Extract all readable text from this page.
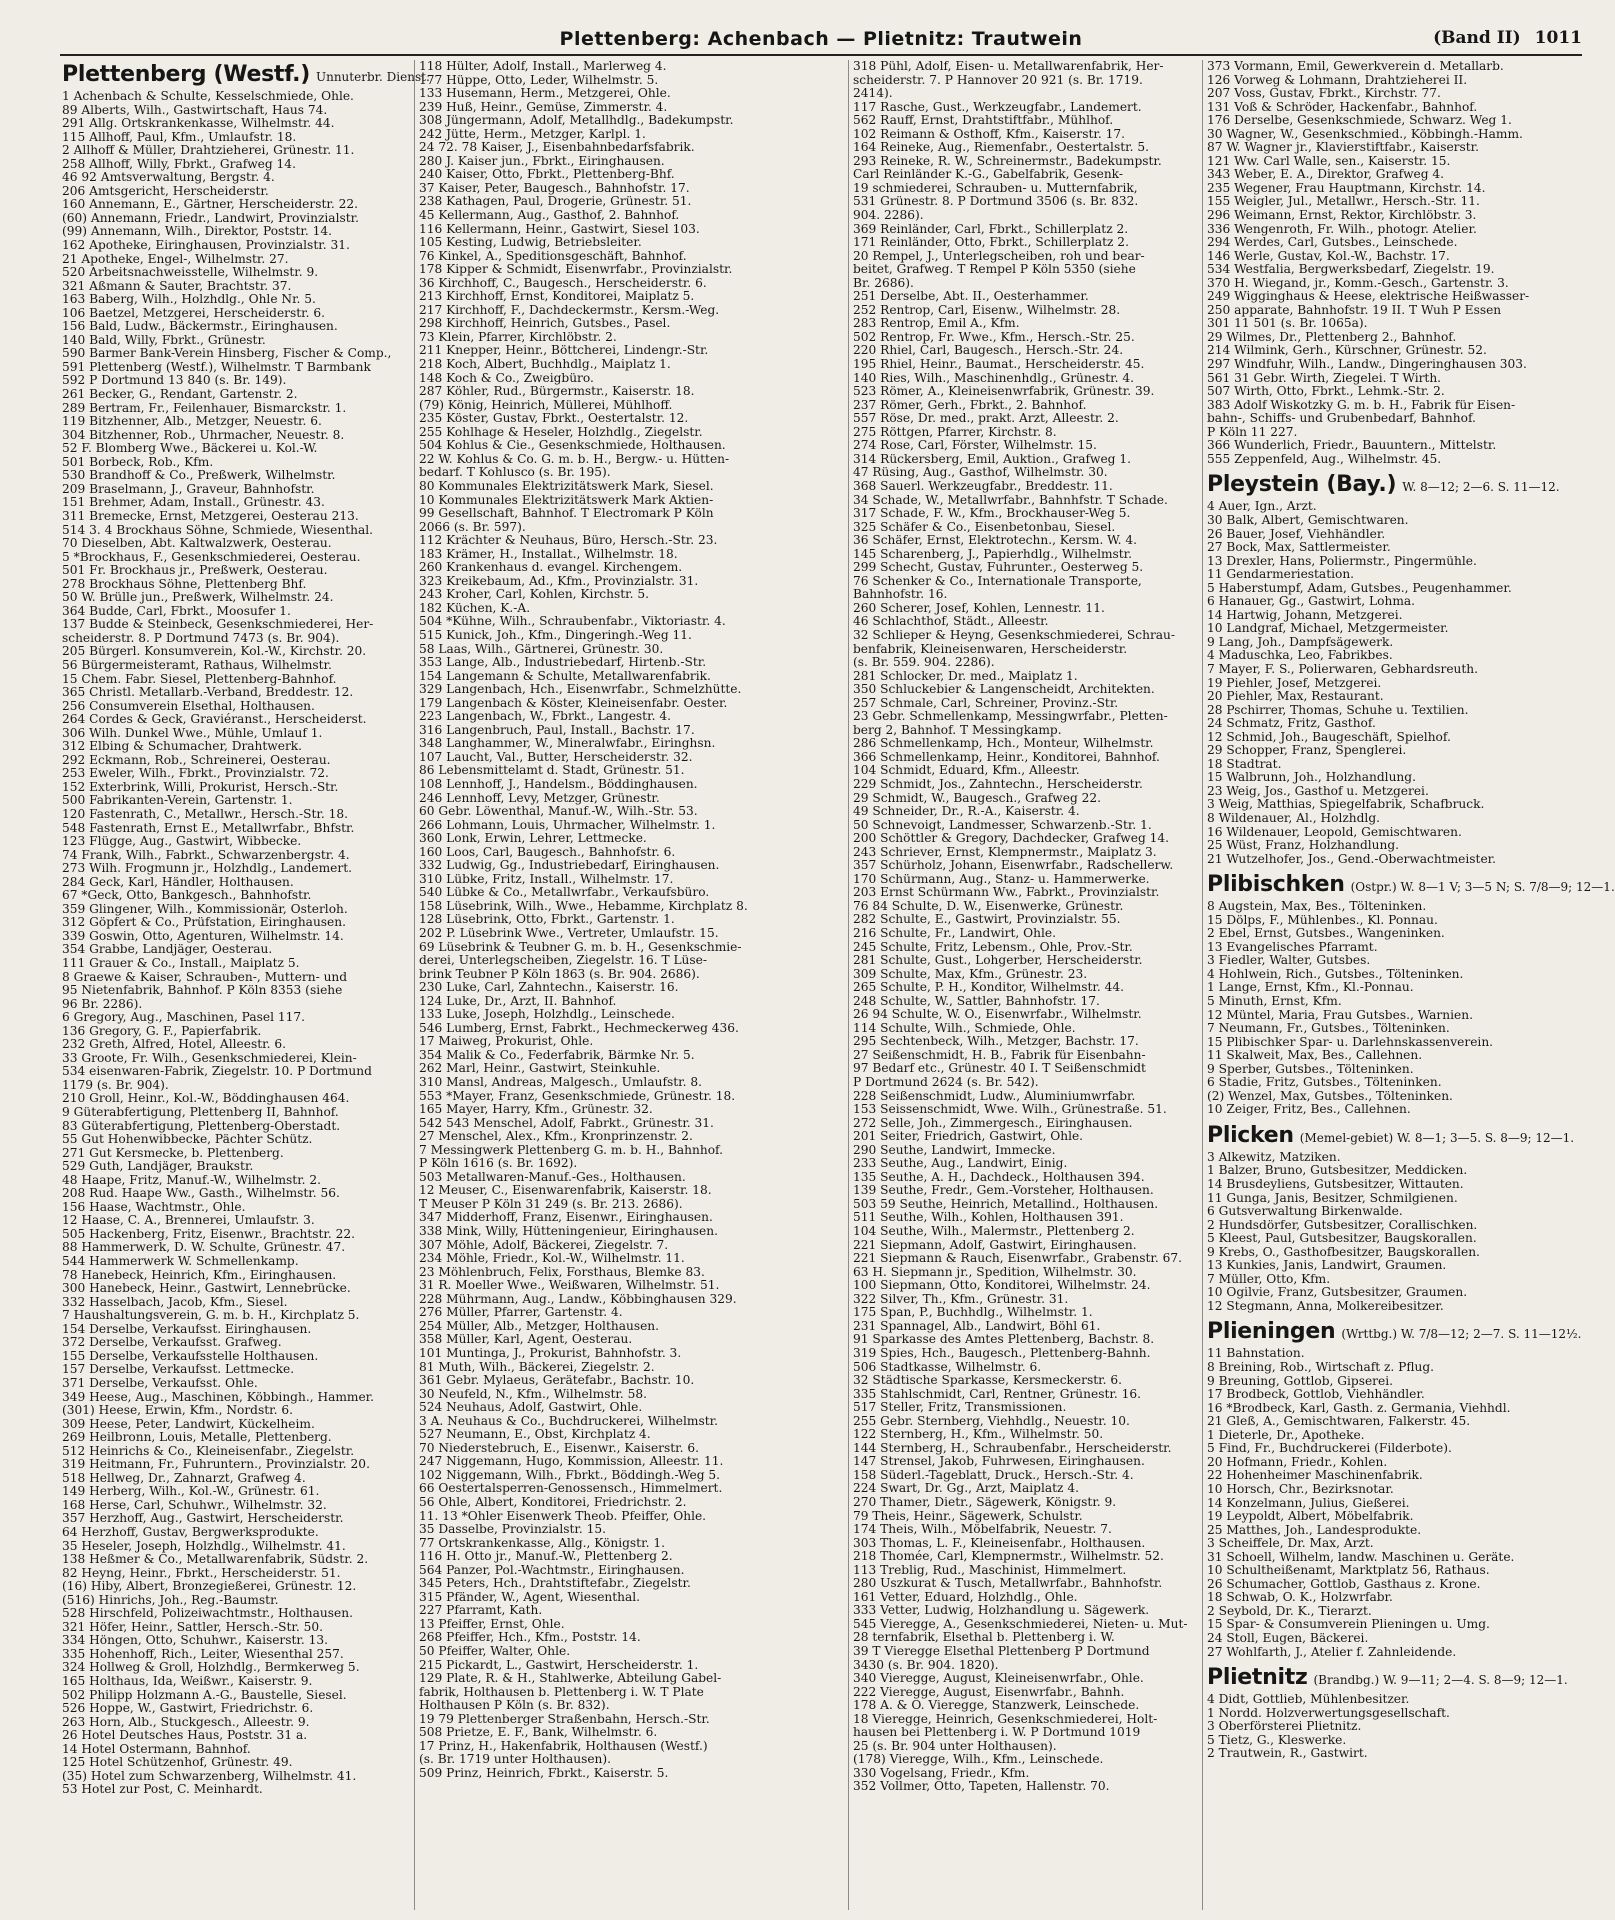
Plettenberg: Achenbach — Plietnitz: Trautwein	(Band II) 1011
Plettenberg (Westf.) Unnuterbr. Dienst.
1 Achenbach & Schulte, Kesselschmiede, Ohle.
89 Alberts, Wilh., Gastwirtschaft, Haus 74.
291 Allg. Ortskrankenkasse, Wilhelmstr. 44.
115 Allhoff, Paul, Kfm., Umlaufstr. 18.
2 Allhoff & Müller, Drahtzieherei, Grünestr. 11.
258 Allhoff, Willy, Fbrkt., Grafweg 14.
46 92 Amtsverwaltung, Bergstr. 4.
206 Amtsgericht, Herscheiderstr.
160 Annemann, E., Gärtner, Herscheiderstr. 22.
(60) Annemann, Friedr., Landwirt, Provinzialstr.
(99) Annemann, Wilh., Direktor, Poststr. 14.
162 Apotheke, Eiringhausen, Provinzialstr. 31.
21 Apotheke, Engel-, Wilhelmstr. 27.
520 Arbeitsnachweisstelle, Wilhelmstr. 9.
321 Aßmann & Sauter, Brachtstr. 37.
163 Baberg, Wilh., Holzhdlg., Ohle Nr. 5.
106 Baetzel, Metzgerei, Herscheiderstr. 6.
156 Bald, Ludw., Bäckermstr., Eiringhausen.
140 Bald, Willy, Fbrkt., Grünestr.
590 Barmer Bank-Verein Hinsberg, Fischer & Comp.,
591 Plettenberg (Westf.), Wilhelmstr. T Barmbank
592 P Dortmund 13 840 (s. Br. 149).
261 Becker, G., Rendant, Gartenstr. 2.
289 Bertram, Fr., Feilenhauer, Bismarckstr. 1.
119 Bitzhenner, Alb., Metzger, Neuestr. 6.
304 Bitzhenner, Rob., Uhrmacher, Neuestr. 8.
52 F. Blomberg Wwe., Bäckerei u. Kol.-W.
501 Borbeck, Rob., Kfm.
530 Brandhoff & Co., Preßwerk, Wilhelmstr.
209 Braselmann, J., Graveur, Bahnhofstr.
151 Brehmer, Adam, Install., Grünestr. 43.
311 Bremecke, Ernst, Metzgerei, Oesterau 213.
514 3. 4 Brockhaus Söhne, Schmiede, Wiesenthal.
70 Dieselben, Abt. Kaltwalzwerk, Oesterau.
5 *Brockhaus, F., Gesenkschmiederei, Oesterau.
501 Fr. Brockhaus jr., Preßwerk, Oesterau.
278 Brockhaus Söhne, Plettenberg Bhf.
50 W. Brülle jun., Preßwerk, Wilhelmstr. 24.
364 Budde, Carl, Fbrkt., Moosufer 1.
137 Budde & Steinbeck, Gesenkschmiederei, Her-
scheiderstr. 8. P Dortmund 7473 (s. Br. 904).
205 Bürgerl. Konsumverein, Kol.-W., Kirchstr. 20.
56 Bürgermeisteramt, Rathaus, Wilhelmstr.
15 Chem. Fabr. Siesel, Plettenberg-Bahnhof.
365 Christl. Metallarb.-Verband, Breddestr. 12.
256 Consumverein Elsethal, Holthausen.
264 Cordes & Geck, Graviéranst., Herscheiderst.
306 Wilh. Dunkel Wwe., Mühle, Umlauf 1.
312 Elbing & Schumacher, Drahtwerk.
292 Eckmann, Rob., Schreinerei, Oesterau.
253 Eweler, Wilh., Fbrkt., Provinzialstr. 72.
152 Exterbrink, Willi, Prokurist, Hersch.-Str.
500 Fabrikanten-Verein, Gartenstr. 1.
120 Fastenrath, C., Metallwr., Hersch.-Str. 18.
548 Fastenrath, Ernst E., Metallwrfabr., Bhfstr.
123 Flügge, Aug., Gastwirt, Wibbecke.
74 Frank, Wilh., Fabrkt., Schwarzenbergstr. 4.
273 Wilh. Frogmunn jr., Holzhdlg., Landemert.
284 Geck, Karl, Händler, Holthausen.
67 *Geck, Otto, Bankgesch., Bahnhofstr.
359 Glingener, Wilh., Kommissionär, Osterloh.
312 Göpfert & Co., Prüfstation, Eiringhausen.
339 Goswin, Otto, Agenturen, Wilhelmstr. 14.
354 Grabbe, Landjäger, Oesterau.
111 Grauer & Co., Install., Maiplatz 5.
8 Graewe & Kaiser, Schrauben-, Muttern- und
95 Nietenfabrik, Bahnhof. P Köln 8353 (siehe
96 Br. 2286).
6 Gregory, Aug., Maschinen, Pasel 117.
136 Gregory, G. F., Papierfabrik.
232 Greth, Alfred, Hotel, Alleestr. 6.
33 Groote, Fr. Wilh., Gesenkschmiederei, Klein-
534 eisenwaren-Fabrik, Ziegelstr. 10. P Dortmund
1179 (s. Br. 904).
210 Groll, Heinr., Kol.-W., Böddinghausen 464.
9 Güterabfertigung, Plettenberg II, Bahnhof.
83 Güterabfertigung, Plettenberg-Oberstadt.
55 Gut Hohenwibbecke, Pächter Schütz.
271 Gut Kersmecke, b. Plettenberg.
529 Guth, Landjäger, Braukstr.
48 Haape, Fritz, Manuf.-W., Wilhelmstr. 2.
208 Rud. Haape Ww., Gasth., Wilhelmstr. 56.
156 Haase, Wachtmstr., Ohle.
12 Haase, C. A., Brennerei, Umlaufstr. 3.
505 Hackenberg, Fritz, Eisenwr., Brachtstr. 22.
88 Hammerwerk, D. W. Schulte, Grünestr. 47.
544 Hammerwerk W. Schmellenkamp.
78 Hanebeck, Heinrich, Kfm., Eiringhausen.
300 Hanebeck, Heinr., Gastwirt, Lennebrücke.
332 Hasselbach, Jacob, Kfm., Siesel.
7 Haushaltungsverein, G. m. b. H., Kirchplatz 5.
154 Derselbe, Verkaufsst. Eiringhausen.
372 Derselbe, Verkaufsst. Grafweg.
155 Derselbe, Verkaufsstelle Holthausen.
157 Derselbe, Verkaufsst. Lettmecke.
371 Derselbe, Verkaufsst. Ohle.
349 Heese, Aug., Maschinen, Köbbingh., Hammer.
(301) Heese, Erwin, Kfm., Nordstr. 6.
309 Heese, Peter, Landwirt, Kückelheim.
269 Heilbronn, Louis, Metalle, Plettenberg.
512 Heinrichs & Co., Kleineisenfabr., Ziegelstr.
319 Heitmann, Fr., Fuhruntern., Provinzialstr. 20.
518 Hellweg, Dr., Zahnarzt, Grafweg 4.
149 Herberg, Wilh., Kol.-W., Grünestr. 61.
168 Herse, Carl, Schuhwr., Wilhelmstr. 32.
357 Herzhoff, Aug., Gastwirt, Herscheiderstr.
64 Herzhoff, Gustav, Bergwerksprodukte.
35 Heseler, Joseph, Holzhdlg., Wilhelmstr. 41.
138 Heßmer & Co., Metallwarenfabrik, Südstr. 2.
82 Heyng, Heinr., Fbrkt., Herscheiderstr. 51.
(16) Hiby, Albert, Bronzegießerei, Grünestr. 12.
(516) Hinrichs, Joh., Reg.-Baumstr.
528 Hirschfeld, Polizeiwachtmstr., Holthausen.
321 Höfer, Heinr., Sattler, Hersch.-Str. 50.
334 Höngen, Otto, Schuhwr., Kaiserstr. 13.
335 Hohenhoff, Rich., Leiter, Wiesenthal 257.
324 Hollweg & Groll, Holzhdlg., Bermkerweg 5.
165 Holthaus, Ida, Weißwr., Kaiserstr. 9.
502 Philipp Holzmann A.-G., Baustelle, Siesel.
526 Hoppe, W., Gastwirt, Friedrichstr. 6.
263 Horn, Alb., Stuckgesch., Alleestr. 9.
26 Hotel Deutsches Haus, Poststr. 31 a.
14 Hotel Ostermann, Bahnhof.
125 Hotel Schützenhof, Grünestr. 49.
(35) Hotel zum Schwarzenberg, Wilhelmstr. 41.
53 Hotel zur Post, C. Meinhardt.
118 Hülter, Adolf, Install., Marlerweg 4.
177 Hüppe, Otto, Leder, Wilhelmstr. 5.
133 Husemann, Herm., Metzgerei, Ohle.
239 Huß, Heinr., Gemüse, Zimmerstr. 4.
308 Jüngermann, Adolf, Metallhdlg., Badekumpstr.
242 Jütte, Herm., Metzger, Karlpl. 1.
24 72. 78 Kaiser, J., Eisenbahnbedarfsfabrik.
280 J. Kaiser jun., Fbrkt., Eiringhausen.
240 Kaiser, Otto, Fbrkt., Plettenberg-Bhf.
37 Kaiser, Peter, Baugesch., Bahnhofstr. 17.
238 Kathagen, Paul, Drogerie, Grünestr. 51.
45 Kellermann, Aug., Gasthof, 2. Bahnhof.
116 Kellermann, Heinr., Gastwirt, Siesel 103.
105 Kesting, Ludwig, Betriebsleiter.
76 Kinkel, A., Speditionsgeschäft, Bahnhof.
178 Kipper & Schmidt, Eisenwrfabr., Provinzialstr.
36 Kirchhoff, C., Baugesch., Herscheiderstr. 6.
213 Kirchhoff, Ernst, Konditorei, Maiplatz 5.
217 Kirchhoff, F., Dachdeckermstr., Kersm.-Weg.
298 Kirchhoff, Heinrich, Gutsbes., Pasel.
73 Klein, Pfarrer, Kirchlöbstr. 2.
211 Knepper, Heinr., Böttcherei, Lindengr.-Str.
218 Koch, Albert, Buchhdlg., Maiplatz 1.
148 Koch & Co., Zweigbüro.
287 Köhler, Rud., Bürgermstr., Kaiserstr. 18.
(79) König, Heinrich, Müllerei, Mühlhoff.
235 Köster, Gustav, Fbrkt., Oestertalstr. 12.
255 Kohlhage & Heseler, Holzhdlg., Ziegelstr.
504 Kohlus & Cie., Gesenkschmiede, Holthausen.
22 W. Kohlus & Co. G. m. b. H., Bergw.- u. Hütten-
bedarf. T Kohlusco (s. Br. 195).
80 Kommunales Elektrizitätswerk Mark, Siesel.
10 Kommunales Elektrizitätswerk Mark Aktien-
99 Gesellschaft, Bahnhof. T Electromark P Köln
2066 (s. Br. 597).
112 Krächter & Neuhaus, Büro, Hersch.-Str. 23.
183 Krämer, H., Installat., Wilhelmstr. 18.
260 Krankenhaus d. evangel. Kirchengem.
323 Kreikebaum, Ad., Kfm., Provinzialstr. 31.
243 Kroher, Carl, Kohlen, Kirchstr. 5.
182 Küchen, K.-A.
504 *Kühne, Wilh., Schraubenfabr., Viktoriastr. 4.
515 Kunick, Joh., Kfm., Dingeringh.-Weg 11.
58 Laas, Wilh., Gärtnerei, Grünestr. 30.
353 Lange, Alb., Industriebedarf, Hirtenb.-Str.
154 Langemann & Schulte, Metallwarenfabrik.
329 Langenbach, Hch., Eisenwrfabr., Schmelzhütte.
179 Langenbach & Köster, Kleineisenfabr. Oester.
223 Langenbach, W., Fbrkt., Langestr. 4.
316 Langenbruch, Paul, Install., Bachstr. 17.
348 Langhammer, W., Mineralwfabr., Eiringhsn.
107 Laucht, Val., Butter, Herscheiderstr. 32.
86 Lebensmittelamt d. Stadt, Grünestr. 51.
108 Lennhoff, J., Handelsm., Böddinghausen.
246 Lennhoff, Levy, Metzger, Grünestr.
60 Gebr. Löwenthal, Manuf.-W., Wilh.-Str. 53.
266 Lohmann, Louis, Uhrmacher, Wilhelmstr. 1.
360 Lonk, Erwin, Lehrer, Lettmecke.
160 Loos, Carl, Baugesch., Bahnhofstr. 6.
332 Ludwig, Gg., Industriebedarf, Eiringhausen.
310 Lübke, Fritz, Install., Wilhelmstr. 17.
540 Lübke & Co., Metallwrfabr., Verkaufsbüro.
158 Lüsebrink, Wilh., Wwe., Hebamme, Kirchplatz 8.
128 Lüsebrink, Otto, Fbrkt., Gartenstr. 1.
202 P. Lüsebrink Wwe., Vertreter, Umlaufstr. 15.
69 Lüsebrink & Teubner G. m. b. H., Gesenkschmie-
derei, Unterlegscheiben, Ziegelstr. 16. T Lüse-
brink Teubner P Köln 1863 (s. Br. 904. 2686).
230 Luke, Carl, Zahntechn., Kaiserstr. 16.
124 Luke, Dr., Arzt, II. Bahnhof.
133 Luke, Joseph, Holzhdlg., Leinschede.
546 Lumberg, Ernst, Fabrkt., Hechmeckerweg 436.
17 Maiweg, Prokurist, Ohle.
354 Malik & Co., Federfabrik, Bärmke Nr. 5.
262 Marl, Heinr., Gastwirt, Steinkuhle.
310 Mansl, Andreas, Malgesch., Umlaufstr. 8.
553 *Mayer, Franz, Gesenkschmiede, Grünestr. 18.
165 Mayer, Harry, Kfm., Grünestr. 32.
542 543 Menschel, Adolf, Fabrkt., Grünestr. 31.
27 Menschel, Alex., Kfm., Kronprinzenstr. 2.
7 Messingwerk Plettenberg G. m. b. H., Bahnhof.
P Köln 1616 (s. Br. 1692).
503 Metallwaren-Manuf.-Ges., Holthausen.
12 Meuser, C., Eisenwarenfabrik, Kaiserstr. 18.
T Meuser P Köln 31 249 (s. Br. 213. 2686).
347 Midderhoff, Franz, Eisenwr., Eiringhausen.
338 Mink, Willy, Hütteningenieur, Eiringhausen.
307 Möhle, Adolf, Bäckerei, Ziegelstr. 7.
234 Möhle, Friedr., Kol.-W., Wilhelmstr. 11.
23 Möhlenbruch, Felix, Forsthaus, Blemke 83.
31 R. Moeller Wwe., Weißwaren, Wilhelmstr. 51.
228 Mührmann, Aug., Landw., Köbbinghausen 329.
276 Müller, Pfarrer, Gartenstr. 4.
254 Müller, Alb., Metzger, Holthausen.
358 Müller, Karl, Agent, Oesterau.
101 Muntinga, J., Prokurist, Bahnhofstr. 3.
81 Muth, Wilh., Bäckerei, Ziegelstr. 2.
361 Gebr. Mylaeus, Gerätefabr., Bachstr. 10.
30 Neufeld, N., Kfm., Wilhelmstr. 58.
524 Neuhaus, Adolf, Gastwirt, Ohle.
3 A. Neuhaus & Co., Buchdruckerei, Wilhelmstr.
527 Neumann, E., Obst, Kirchplatz 4.
70 Niederstebruch, E., Eisenwr., Kaiserstr. 6.
247 Niggemann, Hugo, Kommission, Alleestr. 11.
102 Niggemann, Wilh., Fbrkt., Böddingh.-Weg 5.
66 Oestertalsperren-Genossensch., Himmelmert.
56 Ohle, Albert, Konditorei, Friedrichstr. 2.
11. 13 *Ohler Eisenwerk Theob. Pfeiffer, Ohle.
35 Dasselbe, Provinzialstr. 15.
77 Ortskrankenkasse, Allg., Königstr. 1.
116 H. Otto jr., Manuf.-W., Plettenberg 2.
564 Panzer, Pol.-Wachtmstr., Eiringhausen.
345 Peters, Hch., Drahtstiftefabr., Ziegelstr.
315 Pfänder, W., Agent, Wiesenthal.
227 Pfarramt, Kath.
13 Pfeiffer, Ernst, Ohle.
268 Pfeiffer, Hch., Kfm., Poststr. 14.
50 Pfeiffer, Walter, Ohle.
215 Pickardt, L., Gastwirt, Herscheiderstr. 1.
129 Plate, R. & H., Stahlwerke, Abteilung Gabel-
fabrik, Holthausen b. Plettenberg i. W. T Plate
Holthausen P Köln (s. Br. 832).
19 79 Plettenberger Straßenbahn, Hersch.-Str.
508 Prietze, E. F., Bank, Wilhelmstr. 6.
17 Prinz, H., Hakenfabrik, Holthausen (Westf.)
(s. Br. 1719 unter Holthausen).
509 Prinz, Heinrich, Fbrkt., Kaiserstr. 5.
318 Pühl, Adolf, Eisen- u. Metallwarenfabrik, Her-
scheiderstr. 7. P Hannover 20 921 (s. Br. 1719.
2414).
117 Rasche, Gust., Werkzeugfabr., Landemert.
562 Rauff, Ernst, Drahtstiftfabr., Mühlhof.
102 Reimann & Osthoff, Kfm., Kaiserstr. 17.
164 Reineke, Aug., Riemenfabr., Oestertalstr. 5.
293 Reineke, R. W., Schreinermstr., Badekumpstr.
Carl Reinländer K.-G., Gabelfabrik, Gesenk-
19 schmiederei, Schrauben- u. Mutternfabrik,
531 Grünestr. 8. P Dortmund 3506 (s. Br. 832.
904. 2286).
369 Reinländer, Carl, Fbrkt., Schillerplatz 2.
171 Reinländer, Otto, Fbrkt., Schillerplatz 2.
20 Rempel, J., Unterlegscheiben, roh und bear-
beitet, Grafweg. T Rempel P Köln 5350 (siehe
Br. 2686).
251 Derselbe, Abt. II., Oesterhammer.
252 Rentrop, Carl, Eisenw., Wilhelmstr. 28.
283 Rentrop, Emil A., Kfm.
502 Rentrop, Fr. Wwe., Kfm., Hersch.-Str. 25.
220 Rhiel, Carl, Baugesch., Hersch.-Str. 24.
195 Rhiel, Heinr., Baumat., Herscheiderstr. 45.
140 Ries, Wilh., Maschinenhdlg., Grünestr. 4.
523 Römer, A., Kleineisenwrfabrik, Grünestr. 39.
237 Römer, Gerh., Fbrkt., 2. Bahnhof.
557 Röse, Dr. med., prakt. Arzt, Alleestr. 2.
275 Röttgen, Pfarrer, Kirchstr. 8.
274 Rose, Carl, Förster, Wilhelmstr. 15.
314 Rückersberg, Emil, Auktion., Grafweg 1.
47 Rüsing, Aug., Gasthof, Wilhelmstr. 30.
368 Sauerl. Werkzeugfabr., Breddestr. 11.
34 Schade, W., Metallwrfabr., Bahnhfstr. T Schade.
317 Schade, F. W., Kfm., Brockhauser-Weg 5.
325 Schäfer & Co., Eisenbetonbau, Siesel.
36 Schäfer, Ernst, Elektrotechn., Kersm. W. 4.
145 Scharenberg, J., Papierhdlg., Wilhelmstr.
299 Schecht, Gustav, Fuhrunter., Oesterweg 5.
76 Schenker & Co., Internationale Transporte,
Bahnhofstr. 16.
260 Scherer, Josef, Kohlen, Lennestr. 11.
46 Schlachthof, Städt., Alleestr.
32 Schlieper & Heyng, Gesenkschmiederei, Schrau-
benfabrik, Kleineisenwaren, Herscheiderstr.
(s. Br. 559. 904. 2286).
281 Schlocker, Dr. med., Maiplatz 1.
350 Schluckebier & Langenscheidt, Architekten.
257 Schmale, Carl, Schreiner, Provinz.-Str.
23 Gebr. Schmellenkamp, Messingwrfabr., Pletten-
berg 2, Bahnhof. T Messingkamp.
286 Schmellenkamp, Hch., Monteur, Wilhelmstr.
366 Schmellenkamp, Heinr., Konditorei, Bahnhof.
104 Schmidt, Eduard, Kfm., Alleestr.
229 Schmidt, Jos., Zahntechn., Herscheiderstr.
29 Schmidt, W., Baugesch., Grafweg 22.
49 Schneider, Dr., R.-A., Kaiserstr. 4.
50 Schnevoigt, Landmesser, Schwarzenb.-Str. 1.
200 Schöttler & Gregory, Dachdecker, Grafweg 14.
243 Schriever, Ernst, Klempnermstr., Maiplatz 3.
357 Schürholz, Johann, Eisenwrfabr., Radschellerw.
170 Schürmann, Aug., Stanz- u. Hammerwerke.
203 Ernst Schürmann Ww., Fabrkt., Provinzialstr.
76 84 Schulte, D. W., Eisenwerke, Grünestr.
282 Schulte, E., Gastwirt, Provinzialstr. 55.
216 Schulte, Fr., Landwirt, Ohle.
245 Schulte, Fritz, Lebensm., Ohle, Prov.-Str.
281 Schulte, Gust., Lohgerber, Herscheiderstr.
309 Schulte, Max, Kfm., Grünestr. 23.
265 Schulte, P. H., Konditor, Wilhelmstr. 44.
248 Schulte, W., Sattler, Bahnhofstr. 17.
26 94 Schulte, W. O., Eisenwrfabr., Wilhelmstr.
114 Schulte, Wilh., Schmiede, Ohle.
295 Sechtenbeck, Wilh., Metzger, Bachstr. 17.
27 Seißenschmidt, H. B., Fabrik für Eisenbahn-
97 Bedarf etc., Grünestr. 40 I. T Seißenschmidt
P Dortmund 2624 (s. Br. 542).
228 Seißenschmidt, Ludw., Aluminiumwrfabr.
153 Seissenschmidt, Wwe. Wilh., Grünestraße. 51.
272 Selle, Joh., Zimmergesch., Eiringhausen.
201 Seiter, Friedrich, Gastwirt, Ohle.
290 Seuthe, Landwirt, Immecke.
233 Seuthe, Aug., Landwirt, Einig.
135 Seuthe, A. H., Dachdeck., Holthausen 394.
139 Seuthe, Fredr., Gem.-Vorsteher, Holthausen.
503 59 Seuthe, Heinrich, Metallind., Holthausen.
511 Seuthe, Wilh., Kohlen, Holthausen 391.
104 Seuthe, Wilh., Malermstr., Plettenberg 2.
221 Siepmann, Adolf, Gastwirt, Eiringhausen.
221 Siepmann & Rauch, Eisenwrfabr., Grabenstr. 67.
63 H. Siepmann jr., Spedition, Wilhelmstr. 30.
100 Siepmann, Otto, Konditorei, Wilhelmstr. 24.
322 Silver, Th., Kfm., Grünestr. 31.
175 Span, P., Buchhdlg., Wilhelmstr. 1.
231 Spannagel, Alb., Landwirt, Böhl 61.
91 Sparkasse des Amtes Plettenberg, Bachstr. 8.
319 Spies, Hch., Baugesch., Plettenberg-Bahnh.
506 Stadtkasse, Wilhelmstr. 6.
32 Städtische Sparkasse, Kersmeckerstr. 6.
335 Stahlschmidt, Carl, Rentner, Grünestr. 16.
517 Steller, Fritz, Transmissionen.
255 Gebr. Sternberg, Viehhdlg., Neuestr. 10.
122 Sternberg, H., Kfm., Wilhelmstr. 50.
144 Sternberg, H., Schraubenfabr., Herscheiderstr.
147 Strensel, Jakob, Fuhrwesen, Eiringhausen.
158 Süderl.-Tageblatt, Druck., Hersch.-Str. 4.
224 Swart, Dr. Gg., Arzt, Maiplatz 4.
270 Thamer, Dietr., Sägewerk, Königstr. 9.
79 Theis, Heinr., Sägewerk, Schulstr.
174 Theis, Wilh., Möbelfabrik, Neuestr. 7.
303 Thomas, L. F., Kleineisenfabr., Holthausen.
218 Thomée, Carl, Klempnermstr., Wilhelmstr. 52.
113 Treblig, Rud., Maschinist, Himmelmert.
280 Uszkurat & Tusch, Metallwrfabr., Bahnhofstr.
161 Vetter, Eduard, Holzhdlg., Ohle.
333 Vetter, Ludwig, Holzhandlung u. Sägewerk.
545 Vieregge, A., Gesenkschmiederei, Nieten- u. Mut-
28 ternfabrik, Elsethal b. Plettenberg i. W.
39 T Vieregge Elsethal Plettenberg P Dortmund
3430 (s. Br. 904. 1820).
340 Vieregge, August, Kleineisenwrfabr., Ohle.
222 Vieregge, August, Eisenwrfabr., Bahnh.
178 A. & O. Vieregge, Stanzwerk, Leinschede.
18 Vieregge, Heinrich, Gesenkschmiederei, Holt-
hausen bei Plettenberg i. W. P Dortmund 1019
25 (s. Br. 904 unter Holthausen).
(178) Vieregge, Wilh., Kfm., Leinschede.
330 Vogelsang, Friedr., Kfm.
352 Vollmer, Otto, Tapeten, Hallenstr. 70.
373 Vormann, Emil, Gewerkverein d. Metallarb.
126 Vorweg & Lohmann, Drahtzieherei II.
207 Voss, Gustav, Fbrkt., Kirchstr. 77.
131 Voß & Schröder, Hackenfabr., Bahnhof.
176 Derselbe, Gesenkschmiede, Schwarz. Weg 1.
30 Wagner, W., Gesenkschmied., Köbbingh.-Hamm.
87 W. Wagner jr., Klavierstiftfabr., Kaiserstr.
121 Ww. Carl Walle, sen., Kaiserstr. 15.
343 Weber, E. A., Direktor, Grafweg 4.
235 Wegener, Frau Hauptmann, Kirchstr. 14.
155 Weigler, Jul., Metallwr., Hersch.-Str. 11.
296 Weimann, Ernst, Rektor, Kirchlöbstr. 3.
336 Wengenroth, Fr. Wilh., photogr. Atelier.
294 Werdes, Carl, Gutsbes., Leinschede.
146 Werle, Gustav, Kol.-W., Bachstr. 17.
534 Westfalia, Bergwerksbedarf, Ziegelstr. 19.
370 H. Wiegand, jr., Komm.-Gesch., Gartenstr. 3.
249 Wigginghaus & Heese, elektrische Heißwasser-
250 apparate, Bahnhofstr. 19 II. T Wuh P Essen
301 11 501 (s. Br. 1065a).
29 Wilmes, Dr., Plettenberg 2., Bahnhof.
214 Wilmink, Gerh., Kürschner, Grünestr. 52.
297 Windfuhr, Wilh., Landw., Dingeringhausen 303.
561 31 Gebr. Wirth, Ziegelei. T Wirth.
507 Wirth, Otto, Fbrkt., Lehmk.-Str. 2.
383 Adolf Wiskotzky G. m. b. H., Fabrik für Eisen-
bahn-, Schiffs- und Grubenbedarf, Bahnhof.
P Köln 11 227.
366 Wunderlich, Friedr., Bauuntern., Mittelstr.
555 Zeppenfeld, Aug., Wilhelmstr. 45.
Pleystein (Bay.) W. 8—12; 2—6. S. 11—12.
4 Auer, Ign., Arzt.
30 Balk, Albert, Gemischtwaren.
26 Bauer, Josef, Viehhändler.
27 Bock, Max, Sattlermeister.
13 Drexler, Hans, Poliermstr., Pingermühle.
11 Gendarmeriestation.
5 Haberstumpf, Adam, Gutsbes., Peugenhammer.
6 Hanauer, Gg., Gastwirt, Lohma.
14 Hartwig, Johann, Metzgerei.
10 Landgraf, Michael, Metzgermeister.
9 Lang, Joh., Dampfsägewerk.
4 Maduschka, Leo, Fabrikbes.
7 Mayer, F. S., Polierwaren, Gebhardsreuth.
19 Piehler, Josef, Metzgerei.
20 Piehler, Max, Restaurant.
28 Pschirrer, Thomas, Schuhe u. Textilien.
24 Schmatz, Fritz, Gasthof.
12 Schmid, Joh., Baugeschäft, Spielhof.
29 Schopper, Franz, Spenglerei.
18 Stadtrat.
15 Walbrunn, Joh., Holzhandlung.
23 Weig, Jos., Gasthof u. Metzgerei.
3 Weig, Matthias, Spiegelfabrik, Schafbruck.
8 Wildenauer, Al., Holzhdlg.
16 Wildenauer, Leopold, Gemischtwaren.
25 Wüst, Franz, Holzhandlung.
21 Wutzelhofer, Jos., Gend.-Oberwachtmeister.
Plibischken (Ostpr.) W. 8—1 V; 3—5 N; S. 7/8—9; 12—1.
8 Augstein, Max, Bes., Tölteninken.
15 Dölps, F., Mühlenbes., Kl. Ponnau.
2 Ebel, Ernst, Gutsbes., Wangeninken.
13 Evangelisches Pfarramt.
3 Fiedler, Walter, Gutsbes.
4 Hohlwein, Rich., Gutsbes., Tölteninken.
1 Lange, Ernst, Kfm., Kl.-Ponnau.
5 Minuth, Ernst, Kfm.
12 Müntel, Maria, Frau Gutsbes., Warnien.
7 Neumann, Fr., Gutsbes., Tölteninken.
15 Plibischker Spar- u. Darlehnskassenverein.
11 Skalweit, Max, Bes., Callehnen.
9 Sperber, Gutsbes., Tölteninken.
6 Stadie, Fritz, Gutsbes., Tölteninken.
(2) Wenzel, Max, Gutsbes., Tölteninken.
10 Zeiger, Fritz, Bes., Callehnen.
Plicken (Memel-gebiet) W. 8—1; 3—5. S. 8—9; 12—1.
3 Alkewitz, Matziken.
1 Balzer, Bruno, Gutsbesitzer, Meddicken.
14 Brusdeyliens, Gutsbesitzer, Wittauten.
11 Gunga, Janis, Besitzer, Schmilgienen.
6 Gutsverwaltung Birkenwalde.
2 Hundsdörfer, Gutsbesitzer, Corallischken.
5 Kleest, Paul, Gutsbesitzer, Baugskorallen.
9 Krebs, O., Gasthofbesitzer, Baugskorallen.
13 Kunkies, Janis, Landwirt, Graumen.
7 Müller, Otto, Kfm.
10 Ogilvie, Franz, Gutsbesitzer, Graumen.
12 Stegmann, Anna, Molkereibesitzer.
Plieningen (Wrttbg.) W. 7/8—12; 2—7. S. 11—12½.
11 Bahnstation.
8 Breining, Rob., Wirtschaft z. Pflug.
9 Breuning, Gottlob, Gipserei.
17 Brodbeck, Gottlob, Viehhändler.
16 *Brodbeck, Karl, Gasth. z. Germania, Viehhdl.
21 Gleß, A., Gemischtwaren, Falkerstr. 45.
1 Dieterle, Dr., Apotheke.
5 Find, Fr., Buchdruckerei (Filderbote).
20 Hofmann, Friedr., Kohlen.
22 Hohenheimer Maschinenfabrik.
10 Horsch, Chr., Bezirksnotar.
14 Konzelmann, Julius, Gießerei.
19 Leypoldt, Albert, Möbelfabrik.
25 Matthes, Joh., Landesprodukte.
3 Scheiffele, Dr. Max, Arzt.
31 Schoell, Wilhelm, landw. Maschinen u. Geräte.
10 Schultheißenamt, Marktplatz 56, Rathaus.
26 Schumacher, Gottlob, Gasthaus z. Krone.
18 Schwab, O. K., Holzwrfabr.
2 Seybold, Dr. K., Tierarzt.
15 Spar- & Consumverein Plieningen u. Umg.
24 Stoll, Eugen, Bäckerei.
27 Wohlfarth, J., Atelier f. Zahnleidende.
Plietnitz (Brandbg.) W. 9—11; 2—4. S. 8—9; 12—1.
4 Didt, Gottlieb, Mühlenbesitzer.
1 Nordd. Holzverwertungsgesellschaft.
3 Oberförsterei Plietnitz.
5 Tietz, G., Kleswerke.
2 Trautwein, R., Gastwirt.
